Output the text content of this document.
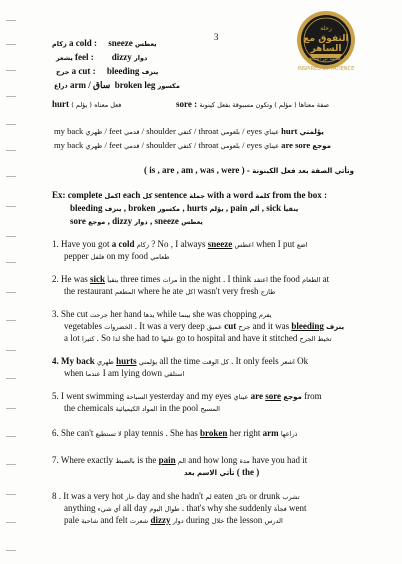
3
رحلة
التفوق مع الساهر
أ. محمد بن الساهر
INSPIRED BY PATIENCE
زكام a cold : sneeze يعطس
يشعر feel : dizzy دوار
جرح a cut : bleeding ينزف
ذراع arm / ساق broken leg مكسور
hurt ( يؤلم ) فعل معناه	sore : صفة معناها ( مؤلم ) وتكون مسبوقة بفعل كينونة
my back ظهري / feet قدمي / shoulder كتفي / throat بلعومي / eyes عيناي hurt يؤلمني
my back ظهري / feet قدمي / shoulder كتفي / throat بلعومي / eyes عيناي are sore موجع
( is , are , am , was , were ) - وتأتي الصفة بعد فعل الكينونة
Ex: complete اكمل each كل sentence جملة with a word كلمة from the box :
bleeding ينزف , broken مكسور , hurts يؤلم , pain ألم , sick ينقيأ
sore موجع , dizzy دوار , sneeze يعطس
1. Have you got a cold زكام ? No , I always sneeze اعطس when I put اضع
pepper فلفل on my food طعامي
2. He was sick ينقيأ three times مرات in the night . I think اعتقد the food الطعام at
the restaurant المطعم where he ate اكل wasn't very fresh طازج
3. She cut جرحت her hand يدها while بينما she was chopping يفرم
vegetables الخضروات . It was a very deep عميق cut جرح and it was bleeding ينزف
a lot كثيرا . So لذا she had to عليها go to hospital and have it stitched تخيط الجرح
4. My back ظهري hurts يؤلمني all the time كل الوقت . It only feels اشعر Ok
when عندما I am lying down استلقي
5. I went swimming السباحة yesterday and my eyes عيناي are sore موجع from
the chemicals المواد الكيميائية in the pool المسبح
6. She can't لا تستطيع play tennis . She has broken her right arm ذراعها
7. Where exactly بالضبط is the pain الم and how long مدة have you had it
تأتي الاسم بعد ( the )
8 . It was a very hot حار day and she hadn't لم eaten تاكل or drunk تشرب
anything أي شيء all day طوال اليوم . that's why she suddenly فجأة went
pale شاحبة and felt شعرت dizzy دوار during خلال the lesson الدرس
